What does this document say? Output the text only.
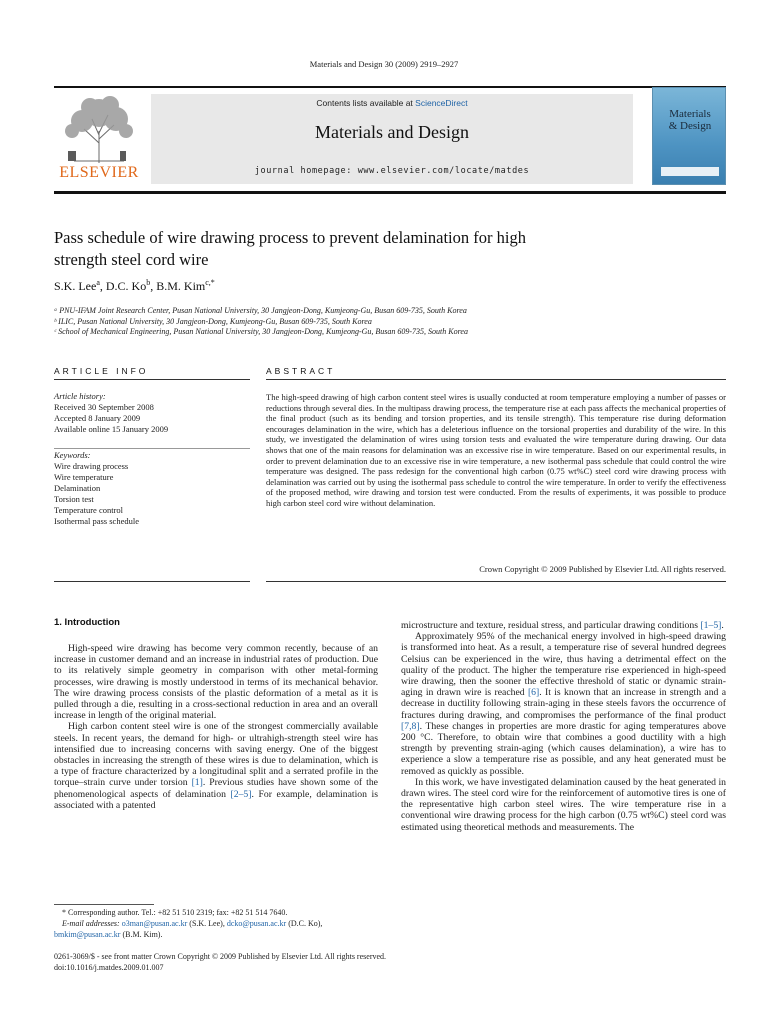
Materials and Design 30 (2009) 2919–2927
ELSEVIER
Contents lists available at ScienceDirect
Materials and Design
journal homepage: www.elsevier.com/locate/matdes
Materials
& Design
Pass schedule of wire drawing process to prevent delamination for high
strength steel cord wire
S.K. Lee$^a$, D.C. Ko$^b$, B.M. Kim$^{c,*}$
ᵃ PNU-IFAM Joint Research Center, Pusan National University, 30 Jangjeon-Dong, Kumjeong-Gu, Busan 609-735, South Korea
ᵇ ILIC, Pusan National University, 30 Jangjeon-Dong, Kumjeong-Gu, Busan 609-735, South Korea
ᶜ School of Mechanical Engineering, Pusan National University, 30 Jangjeon-Dong, Kumjeong-Gu, Busan 609-735, South Korea
ARTICLE INFO	ABSTRACT
Article history:
Received 30 September 2008
Accepted 8 January 2009
Available online 15 January 2009
Keywords:
Wire drawing process
Wire temperature
Delamination
Torsion test
Temperature control
Isothermal pass schedule
The high-speed drawing of high carbon content steel wires is usually conducted at room temperature employing a number of passes or reductions through several dies. In the multipass drawing process, the temperature rise at each pass affects the mechanical properties of the final product (such as its bending and torsion properties, and its tensile strength). This temperature rise during deformation encourages delamination in the wire, which has a deleterious influence on the torsional properties and durability of the wire. In this study, we investigated the delamination of wires using torsion tests and evaluated the wire temperature during drawing. Our data shows that one of the main reasons for delamination was an excessive rise in wire temperature. Based on our experimental results, in order to prevent delamination due to an excessive rise in wire temperature, a new isothermal pass schedule that could control the wire temperature was designed. The pass redesign for the conventional high carbon (0.75 wt%C) steel cord wire drawing process with delamination was carried out by using the isothermal pass schedule to control the wire temperature. In order to verify the effectiveness of the proposed method, wire drawing and torsion test were conducted. From the results of experiments, it was possible to produce high carbon steel cord wire without delamination.
Crown Copyright © 2009 Published by Elsevier Ltd. All rights reserved.
1. Introduction

High-speed wire drawing has become very common recently, because of an increase in customer demand and an increase in industrial rates of production. Due to its relatively simple geometry in comparison with other metal-forming processes, wire drawing is mostly understood in terms of its mechanical behavior. The wire drawing process consists of the plastic deformation of a metal as it is pulled through a die, resulting in a cross-sectional reduction in area and an overall increase in length of the original material.

High carbon content steel wire is one of the strongest commercially available steels. In recent years, the demand for high- or ultrahigh-strength steel wire has intensified due to increasing concerns with saving energy. One of the biggest obstacles in increasing the strength of these wires is due to delamination, which is a type of fracture characterized by a longitudinal split and a serrated profile in the torque–strain curve under torsion [1]. Previous studies have shown some of the phenomenological aspects of delamination [2–5]. For example, delamination is associated with a patented

microstructure and texture, residual stress, and particular drawing conditions [1–5].

Approximately 95% of the mechanical energy involved in high-speed drawing is transformed into heat. As a result, a temperature rise of several hundred degrees Celsius can be experienced in the wire, thus having a detrimental effect on the quality of the product. The higher the temperature rise experienced in high-speed wire drawing, then the sooner the effective threshold of static or dynamic strain-aging in drawn wire is reached [6]. It is known that an increase in strength and a decrease in ductility following strain-aging in these steels favors the occurrence of fractures during drawing, and compromises the performance of the final product [7,8]. These changes in properties are more drastic for aging temperatures above 200 °C. Therefore, to obtain wire that combines a good ductility with a high strength by preventing strain-aging (which causes delamination), a wire has to experience a slow a temperature rise as possible, and any heat generated must be removed as quickly as possible.

In this work, we have investigated delamination caused by the heat generated in drawn wires. The steel cord wire for the reinforcement of automotive tires is one of the representative high carbon steel wires. The wire temperature rise in a conventional wire drawing process for the high carbon (0.75 wt%C) steel cord was estimated using theoretical methods and measurements. The

* Corresponding author. Tel.: +82 51 510 2319; fax: +82 51 514 7640.
E-mail addresses: o3man@pusan.ac.kr (S.K. Lee), dcko@pusan.ac.kr (D.C. Ko),
bmkim@pusan.ac.kr (B.M. Kim).
0261-3069/$ - see front matter Crown Copyright © 2009 Published by Elsevier Ltd. All rights reserved.
doi:10.1016/j.matdes.2009.01.007
